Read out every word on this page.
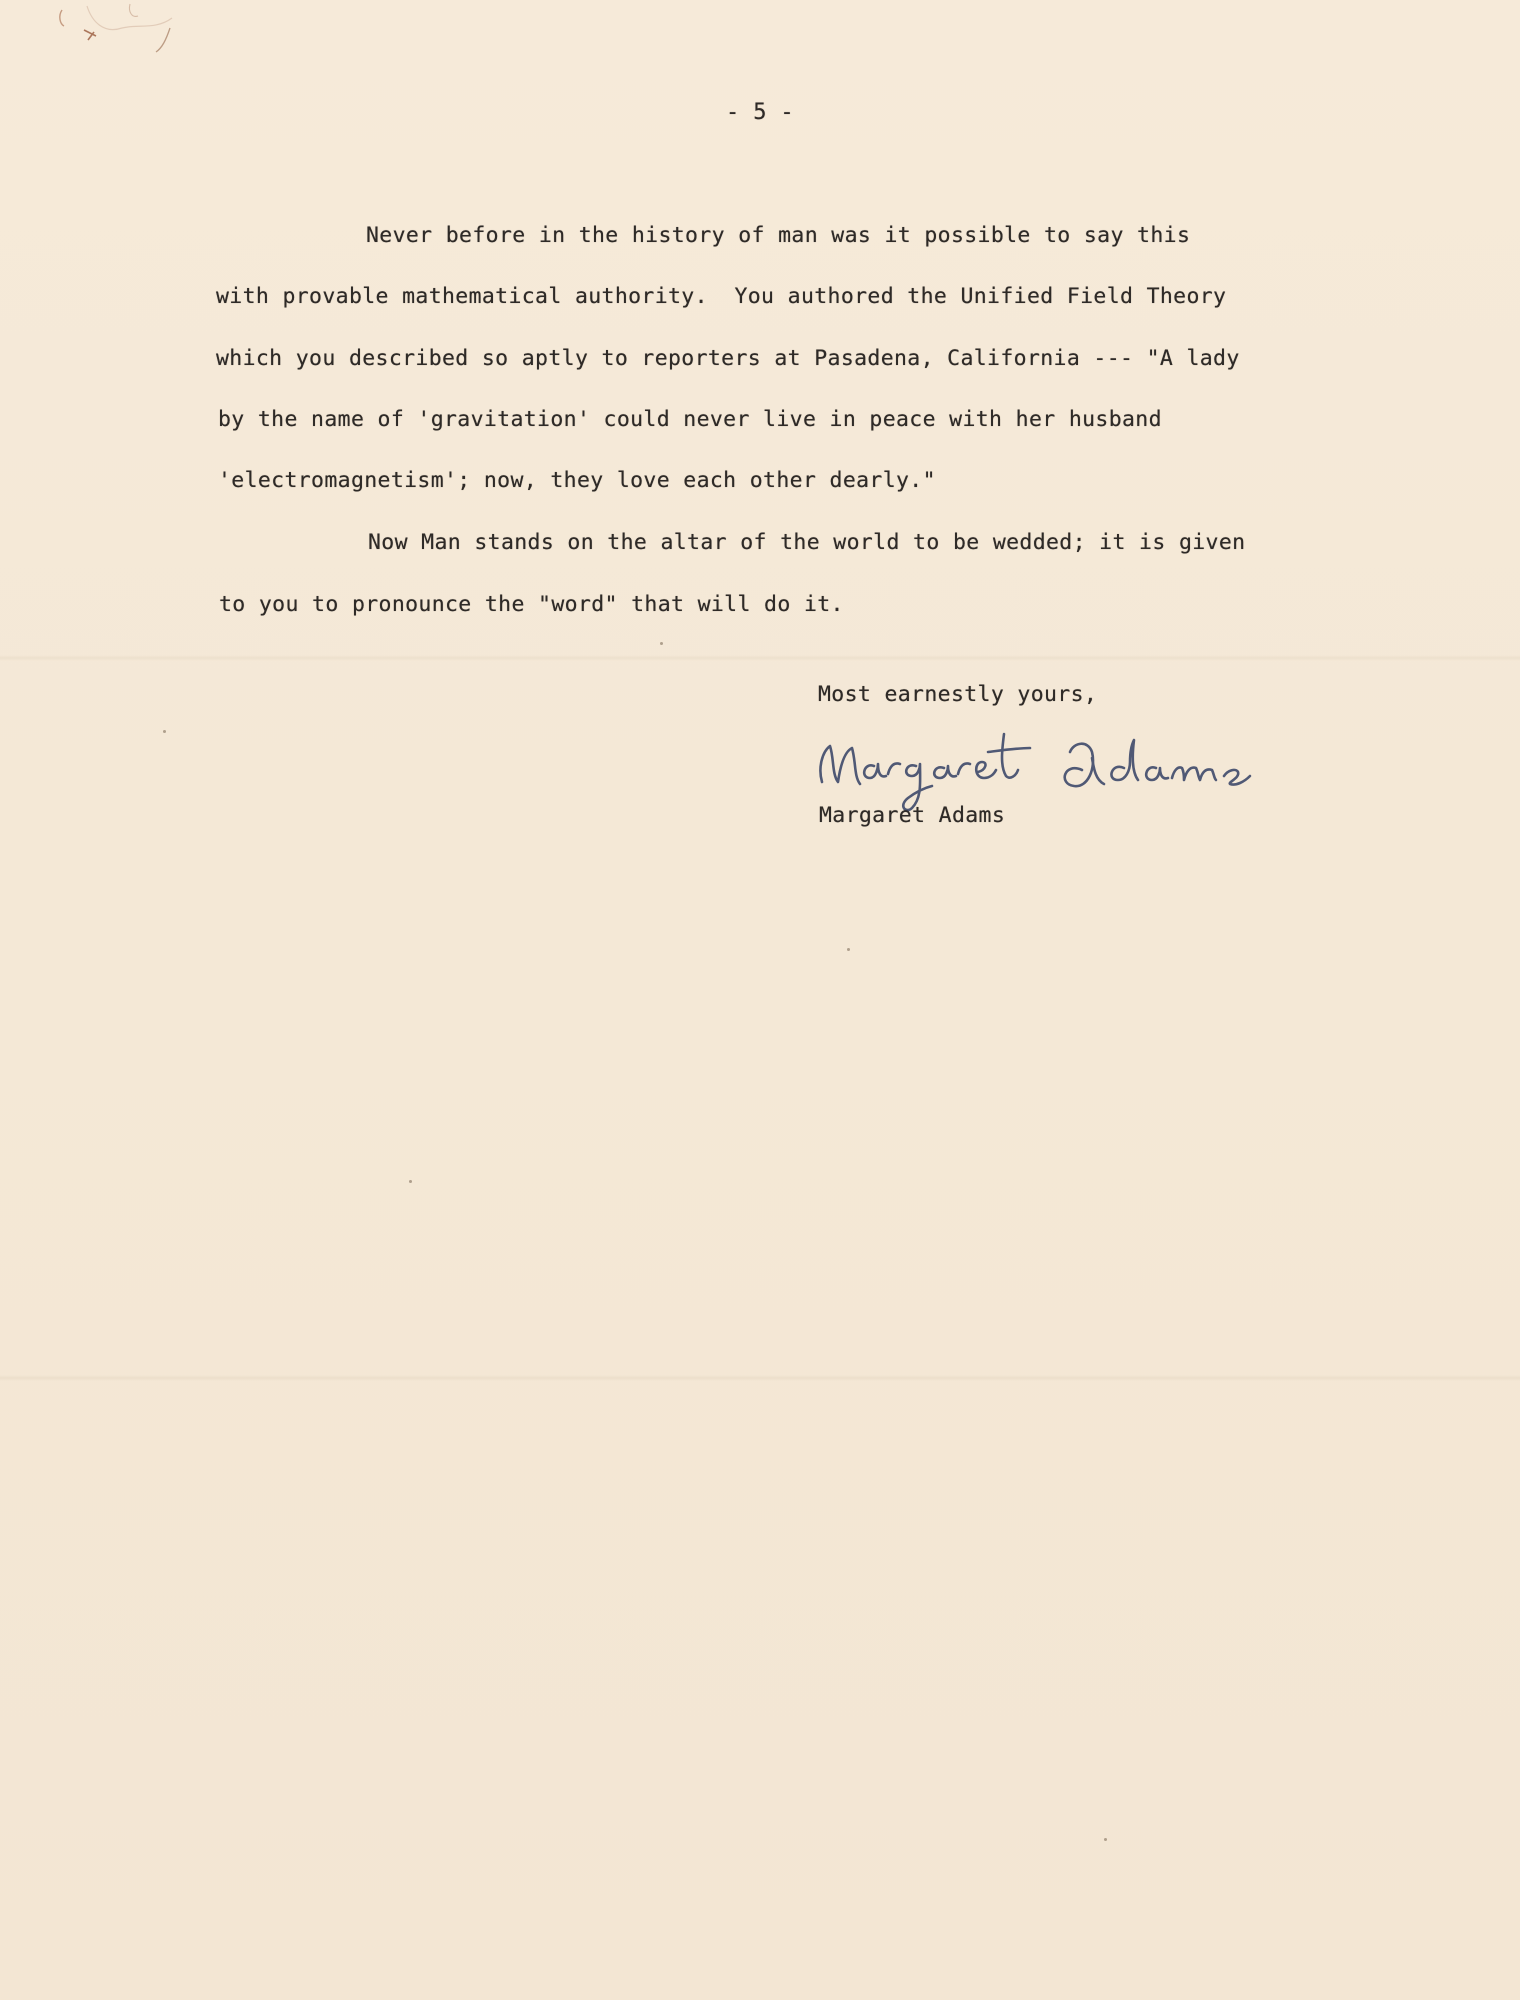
- 5 -
Never before in the history of man was it possible to say this
with provable mathematical authority.  You authored the Unified Field Theory
which you described so aptly to reporters at Pasadena, California --- "A lady
by the name of 'gravitation' could never live in peace with her husband
'electromagnetism'; now, they love each other dearly."
Now Man stands on the altar of the world to be wedded; it is given
to you to pronounce the "word" that will do it.
Most earnestly yours,
Margaret Adams
